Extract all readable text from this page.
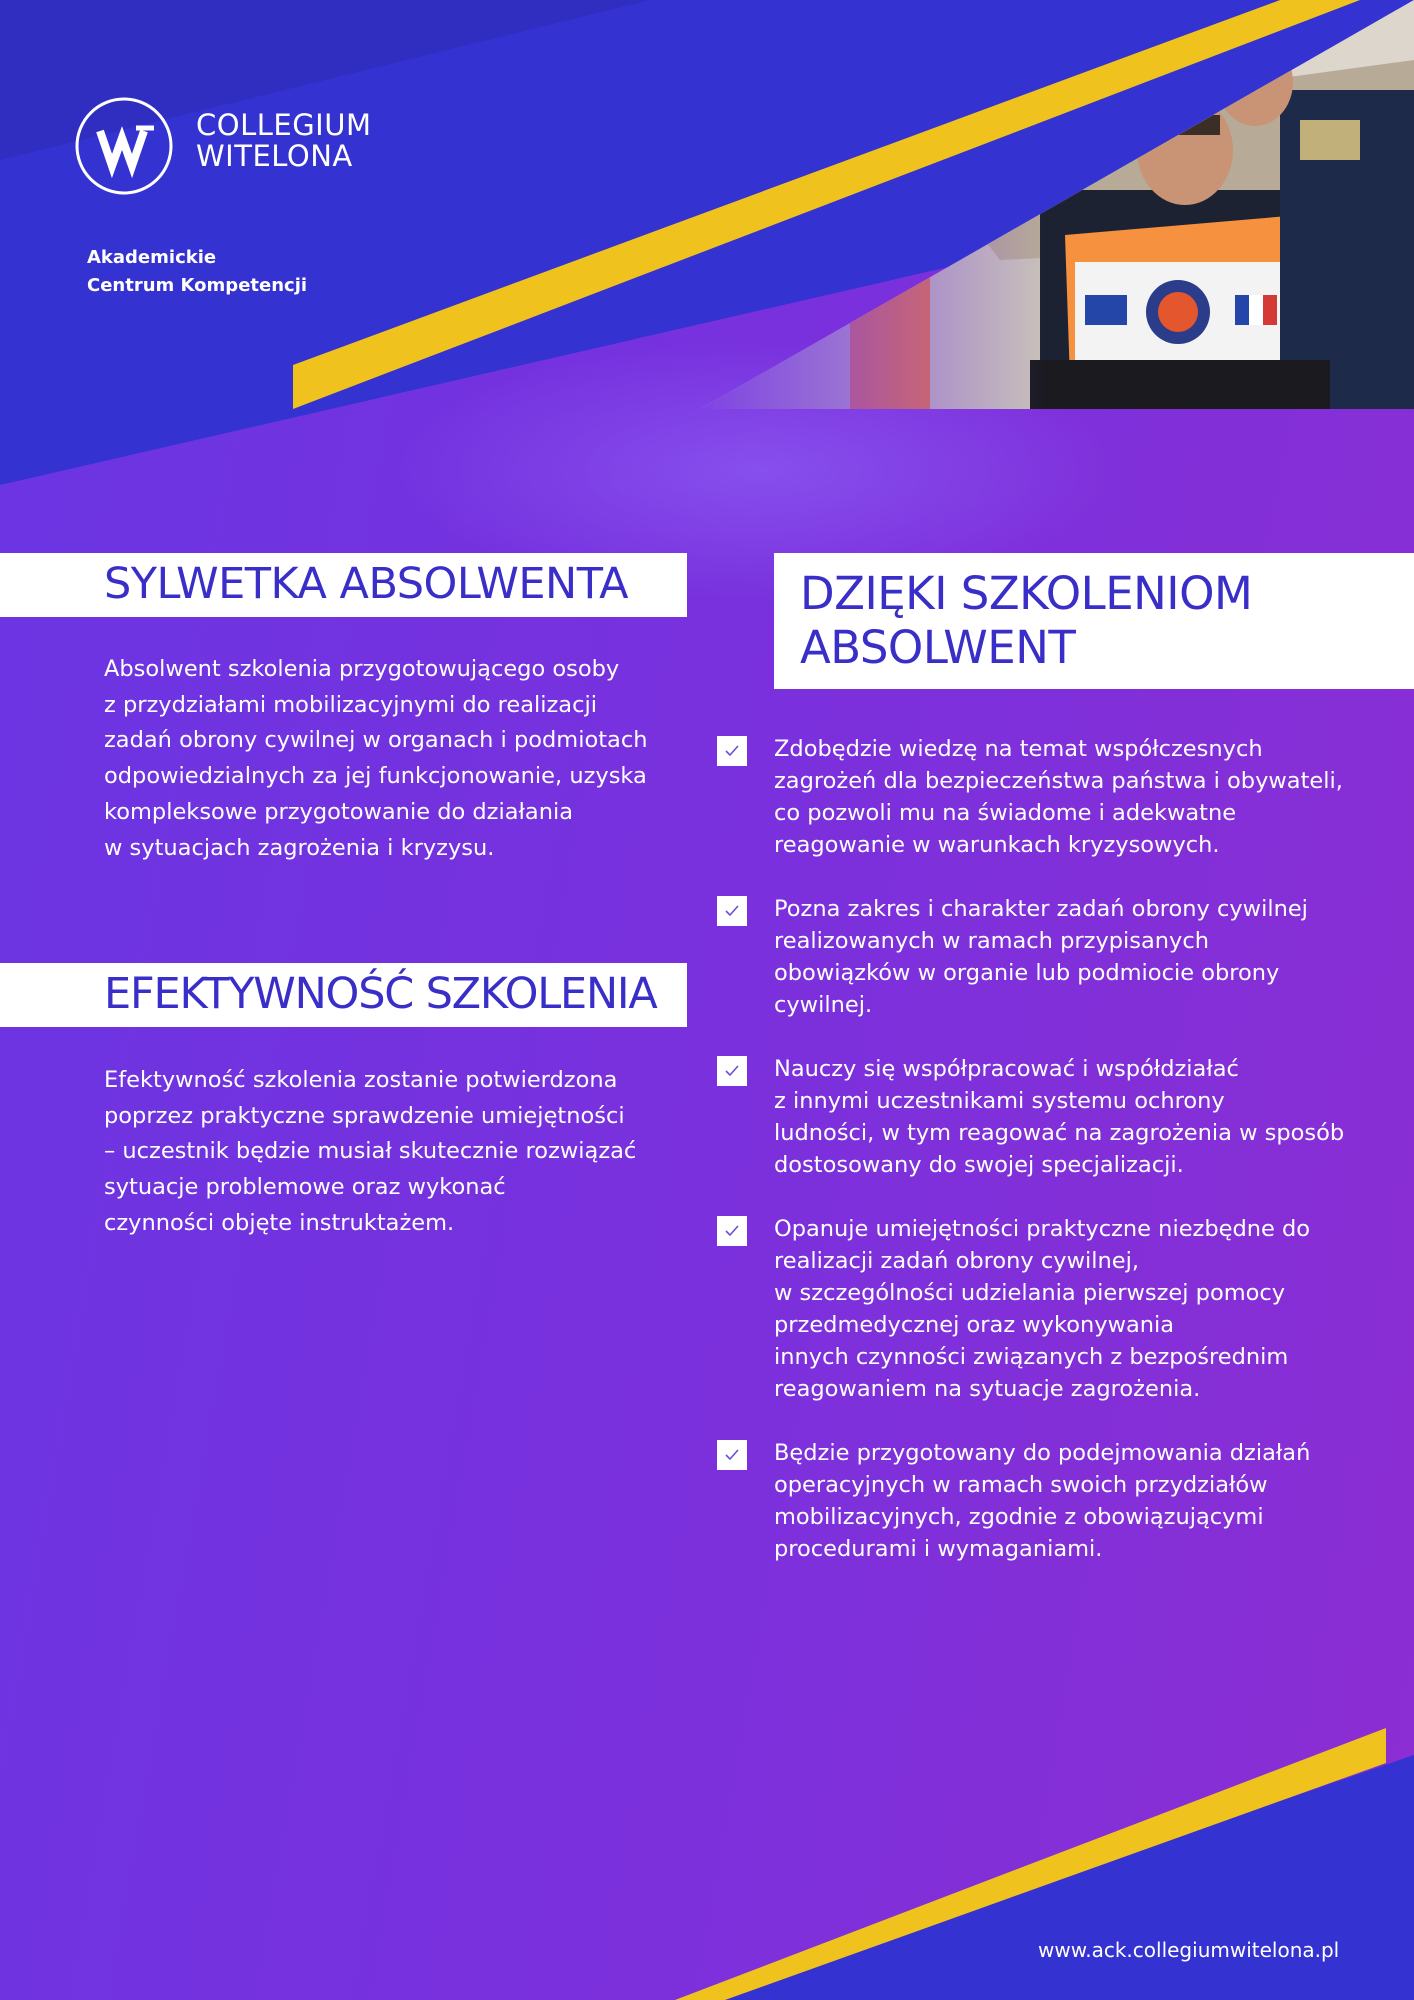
COLLEGIUM
WITELONA
Akademickie
Centrum Kompetencji
SYLWETKA ABSOLWENTA
Absolwent szkolenia przygotowującego osoby
z przydziałami mobilizacyjnymi do realizacji
zadań obrony cywilnej w organach i podmiotach
odpowiedzialnych za jej funkcjonowanie, uzyska
kompleksowe przygotowanie do działania
w sytuacjach zagrożenia i kryzysu.
EFEKTYWNOŚĆ SZKOLENIA
Efektywność szkolenia zostanie potwierdzona
poprzez praktyczne sprawdzenie umiejętności
– uczestnik będzie musiał skutecznie rozwiązać
sytuacje problemowe oraz wykonać
czynności objęte instruktażem.
DZIĘKI SZKOLENIOM
ABSOLWENT
Zdobędzie wiedzę na temat współczesnych
zagrożeń dla bezpieczeństwa państwa i obywateli,
co pozwoli mu na świadome i adekwatne
reagowanie w warunkach kryzysowych.
Pozna zakres i charakter zadań obrony cywilnej
realizowanych w ramach przypisanych
obowiązków w organie lub podmiocie obrony
cywilnej.
Nauczy się współpracować i współdziałać
z innymi uczestnikami systemu ochrony
ludności, w tym reagować na zagrożenia w sposób
dostosowany do swojej specjalizacji.
Opanuje umiejętności praktyczne niezbędne do
realizacji zadań obrony cywilnej,
w szczególności udzielania pierwszej pomocy
przedmedycznej oraz wykonywania
innych czynności związanych z bezpośrednim
reagowaniem na sytuacje zagrożenia.
Będzie przygotowany do podejmowania działań
operacyjnych w ramach swoich przydziałów
mobilizacyjnych, zgodnie z obowiązującymi
procedurami i wymaganiami.
www.ack.collegiumwitelona.pl
